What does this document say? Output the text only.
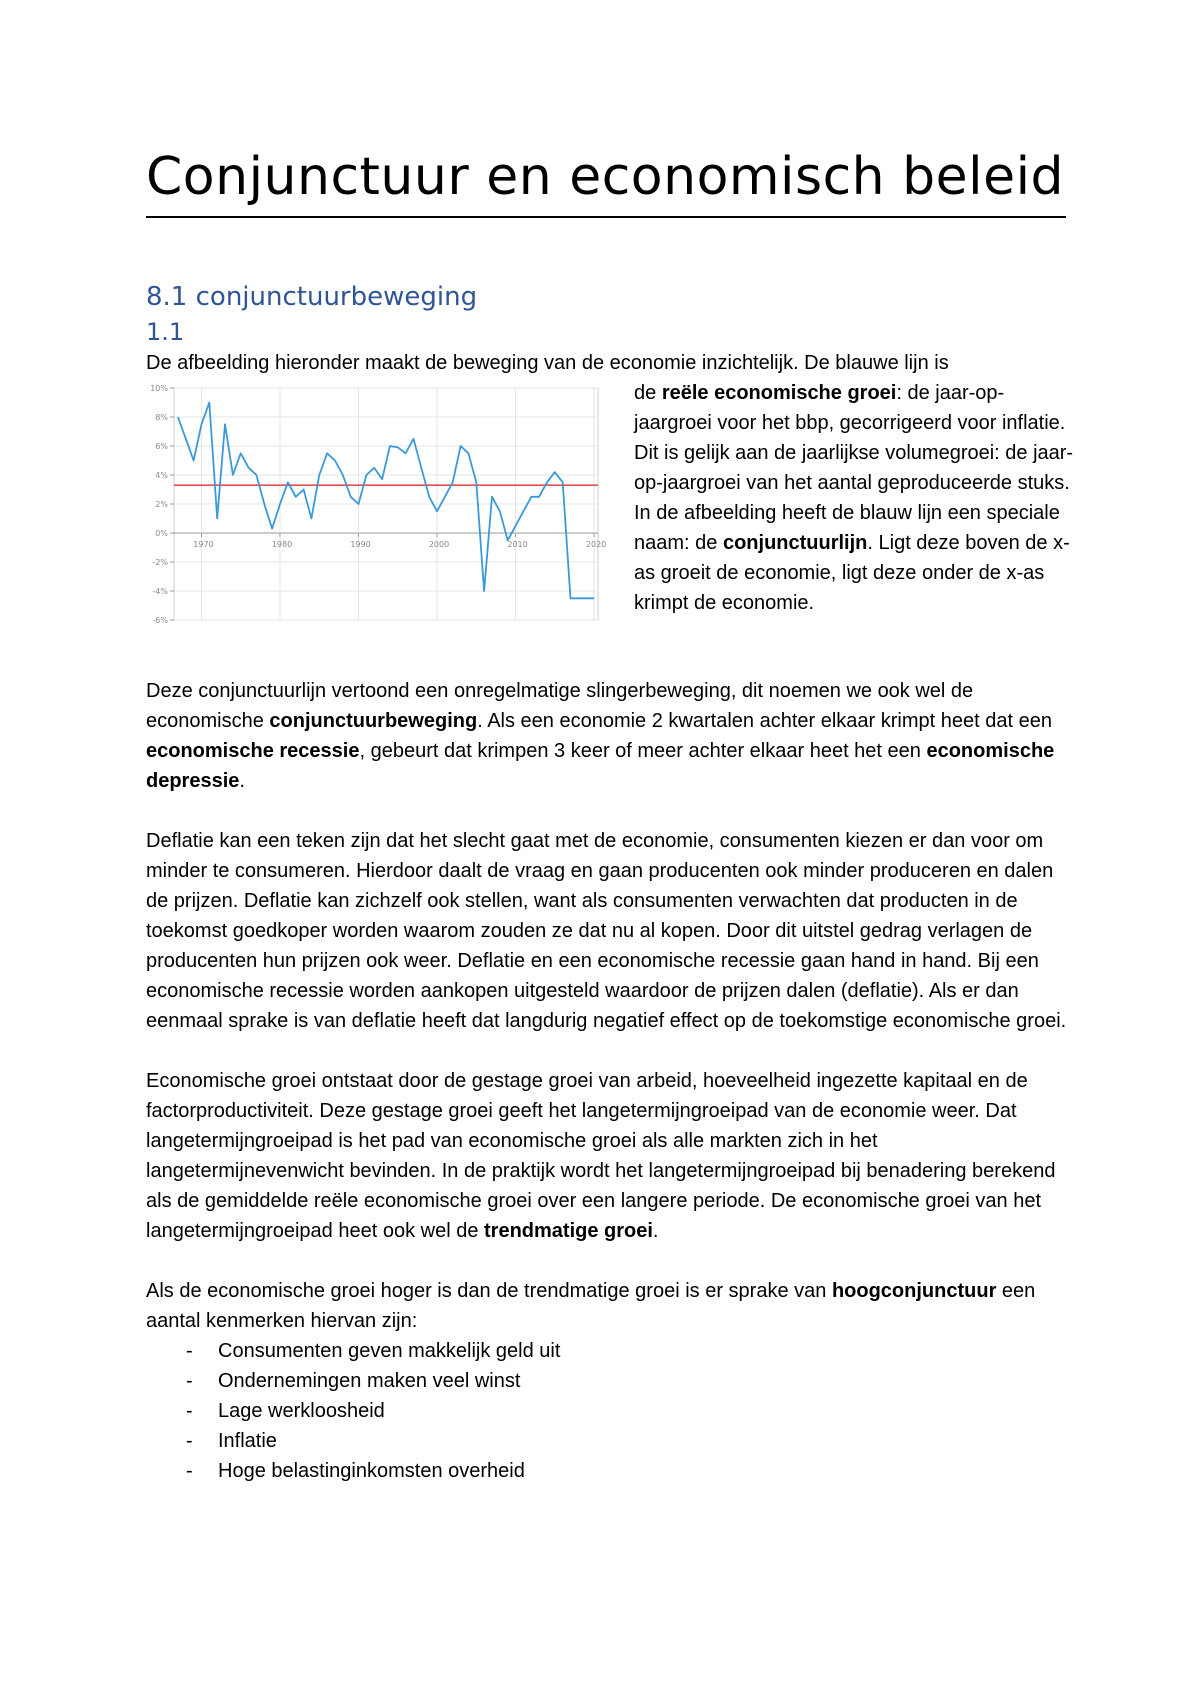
Conjunctuur en economisch beleid
8.1 conjunctuurbeweging
1.1
De afbeelding hieronder maakt de beweging van de economie inzichtelijk. De blauwe lijn is
10%
8%
6%
4%
2%
0%
-2%
-4%
-6%
1970	1980	1990	2000	2010	2020
de reële economische groei: de jaar-op-jaargroei voor het bbp, gecorrigeerd voor inflatie. Dit is gelijk aan de jaarlijkse volumegroei: de jaar-op-jaargroei van het aantal geproduceerde stuks. In de afbeelding heeft de blauw lijn een speciale naam: de conjunctuurlijn. Ligt deze boven de x-as groeit de economie, ligt deze onder de x-as krimpt de economie.

Deze conjunctuurlijn vertoond een onregelmatige slingerbeweging, dit noemen we ook wel de economische conjunctuurbeweging. Als een economie 2 kwartalen achter elkaar krimpt heet dat een economische recessie, gebeurt dat krimpen 3 keer of meer achter elkaar heet het een economische depressie.

Deflatie kan een teken zijn dat het slecht gaat met de economie, consumenten kiezen er dan voor om minder te consumeren. Hierdoor daalt de vraag en gaan producenten ook minder produceren en dalen de prijzen. Deflatie kan zichzelf ook stellen, want als consumenten verwachten dat producten in de toekomst goedkoper worden waarom zouden ze dat nu al kopen. Door dit uitstel gedrag verlagen de producenten hun prijzen ook weer. Deflatie en een economische recessie gaan hand in hand. Bij een economische recessie worden aankopen uitgesteld waardoor de prijzen dalen (deflatie). Als er dan eenmaal sprake is van deflatie heeft dat langdurig negatief effect op de toekomstige economische groei.

Economische groei ontstaat door de gestage groei van arbeid, hoeveelheid ingezette kapitaal en de factorproductiviteit. Deze gestage groei geeft het langetermijngroeipad van de economie weer. Dat langetermijngroeipad is het pad van economische groei als alle markten zich in het langetermijnevenwicht bevinden. In de praktijk wordt het langetermijngroeipad bij benadering berekend als de gemiddelde reële economische groei over een langere periode. De economische groei van het langetermijngroeipad heet ook wel de trendmatige groei.

Als de economische groei hoger is dan de trendmatige groei is er sprake van hoogconjunctuur een aantal kenmerken hiervan zijn:

- Consumenten geven makkelijk geld uit
- Ondernemingen maken veel winst
- Lage werkloosheid
- Inflatie
- Hoge belastinginkomsten overheid
